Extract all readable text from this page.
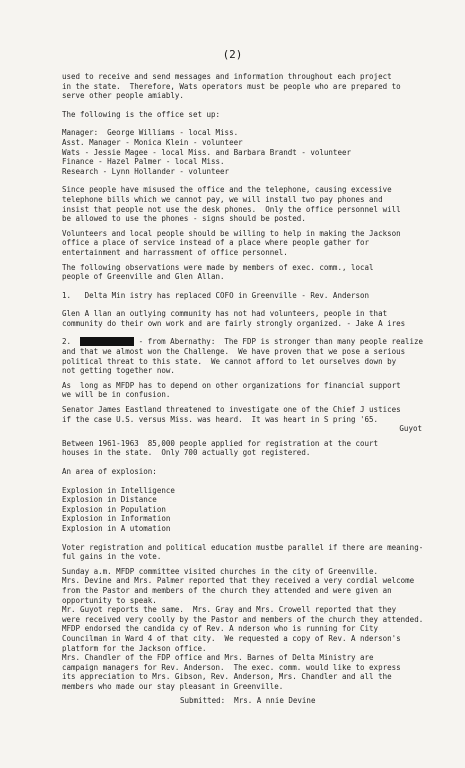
(2)
used to receive and send messages and information throughout each project
in the state.  Therefore, Wats operators must be people who are prepared to
serve other people amiably.
The following is the office set up:
Manager:  George Williams - local Miss.
Asst. Manager - Monica Klein - volunteer
Wats - Jessie Magee - local Miss. and Barbara Brandt - volunteer
Finance - Hazel Palmer - local Miss.
Research - Lynn Hollander - volunteer
Since people have misused the office and the telephone, causing excessive
telephone bills which we cannot pay, we will install two pay phones and
insist that people not use the desk phones.  Only the office personnel will
be allowed to use the phones - signs should be posted.
Volunteers and local people should be willing to help in making the Jackson
office a place of service instead of a place where people gather for
entertainment and harrassment of office personnel.
The following observations were made by members of exec. comm., local
people of Greenville and Glen Allan.
1.   Delta Min istry has replaced COFO in Greenville - Rev. Anderson
Glen A llan an outlying community has not had volunteers, people in that
community do their own work and are fairly strongly organized. - Jake A ires
2.	- from Abernathy:  The FDP is stronger than many people realize
and that we almost won the Challenge.  We have proven that we pose a serious
political threat to this state.  We cannot afford to let ourselves down by
not getting together now.
As  long as MFDP has to depend on other organizations for financial support
we will be in confusion.
Senator James Eastland threatened to investigate one of the Chief J ustices
if the case U.S. versus Miss. was heard.  It was heart in S pring '65.
Guyot
Between 1961-1963  85,000 people applied for registration at the court
houses in the state.  Only 700 actually got registered.
An area of explosion:
Explosion in Intelligence
Explosion in Distance
Explosion in Population
Explosion in Information
Explosion in A utomation
Voter registration and political education mustbe parallel if there are meaning-
ful gains in the vote.
Sunday a.m. MFDP committee visited churches in the city of Greenville.
Mrs. Devine and Mrs. Palmer reported that they received a very cordial welcome
from the Pastor and members of the church they attended and were given an
opportunity to speak.
Mr. Guyot reports the same.  Mrs. Gray and Mrs. Crowell reported that they
were received very coolly by the Pastor and members of the church they attended.
MFDP endorsed the candida cy of Rev. A nderson who is running for City
Councilman in Ward 4 of that city.  We requested a copy of Rev. A nderson's
platform for the Jackson office.
Mrs. Chandler of the FDP office and Mrs. Barnes of Delta Ministry are
campaign managers for Rev. Anderson.  The exec. comm. would like to express
its appreciation to Mrs. Gibson, Rev. Anderson, Mrs. Chandler and all the
members who made our stay pleasant in Greenville.
Submitted:  Mrs. A nnie Devine
